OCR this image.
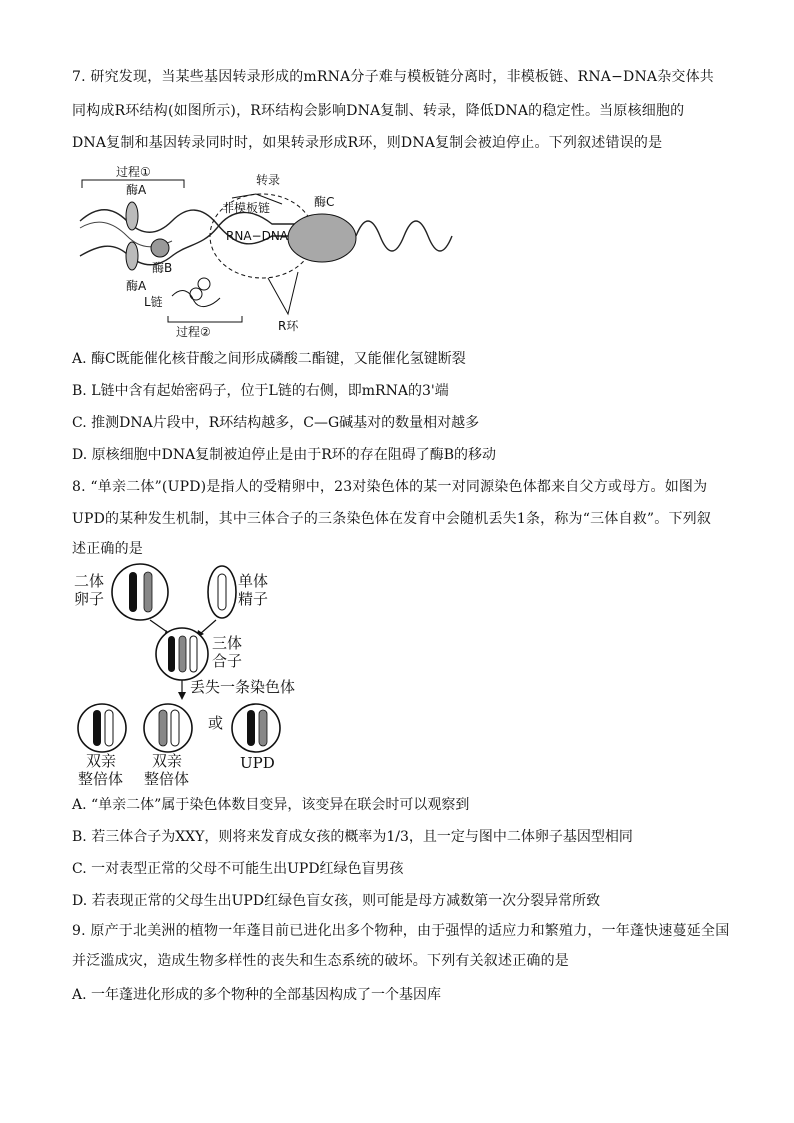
7. 研究发现，当某些基因转录形成的mRNA分子难与模板链分离时，非模板链、RNA−DNA杂交体共
同构成R环结构(如图所示)，R环结构会影响DNA复制、转录，降低DNA的稳定性。当原核细胞的
DNA复制和基因转录同时时，如果转录形成R环，则DNA复制会被迫停止。下列叙述错误的是
过程①
酶A
酶A
酶B
转录
非模板链
RNA−DNA
酶C
L链
过程②	R环
A. 酶C既能催化核苷酸之间形成磷酸二酯键，又能催化氢键断裂
B. L链中含有起始密码子，位于L链的右侧，即mRNA的3'端
C. 推测DNA片段中，R环结构越多，C—G碱基对的数量相对越多
D. 原核细胞中DNA复制被迫停止是由于R环的存在阻碍了酶B的移动
8. “单亲二体”(UPD)是指人的受精卵中，23对染色体的某一对同源染色体都来自父方或母方。如图为
UPD的某种发生机制，其中三体合子的三条染色体在发育中会随机丢失1条，称为“三体自救”。下列叙
述正确的是
二体
卵子
单体
精子
三体
合子
丢失一条染色体
双亲
整倍体
双亲
整倍体
或
UPD
A. “单亲二体”属于染色体数目变异，该变异在联会时可以观察到
B. 若三体合子为XXY，则将来发育成女孩的概率为1/3，且一定与图中二体卵子基因型相同
C. 一对表型正常的父母不可能生出UPD红绿色盲男孩
D. 若表现正常的父母生出UPD红绿色盲女孩，则可能是母方减数第一次分裂异常所致
9. 原产于北美洲的植物一年蓬目前已进化出多个物种，由于强悍的适应力和繁殖力，一年蓬快速蔓延全国
并泛滥成灾，造成生物多样性的丧失和生态系统的破坏。下列有关叙述正确的是
A. 一年蓬进化形成的多个物种的全部基因构成了一个基因库
